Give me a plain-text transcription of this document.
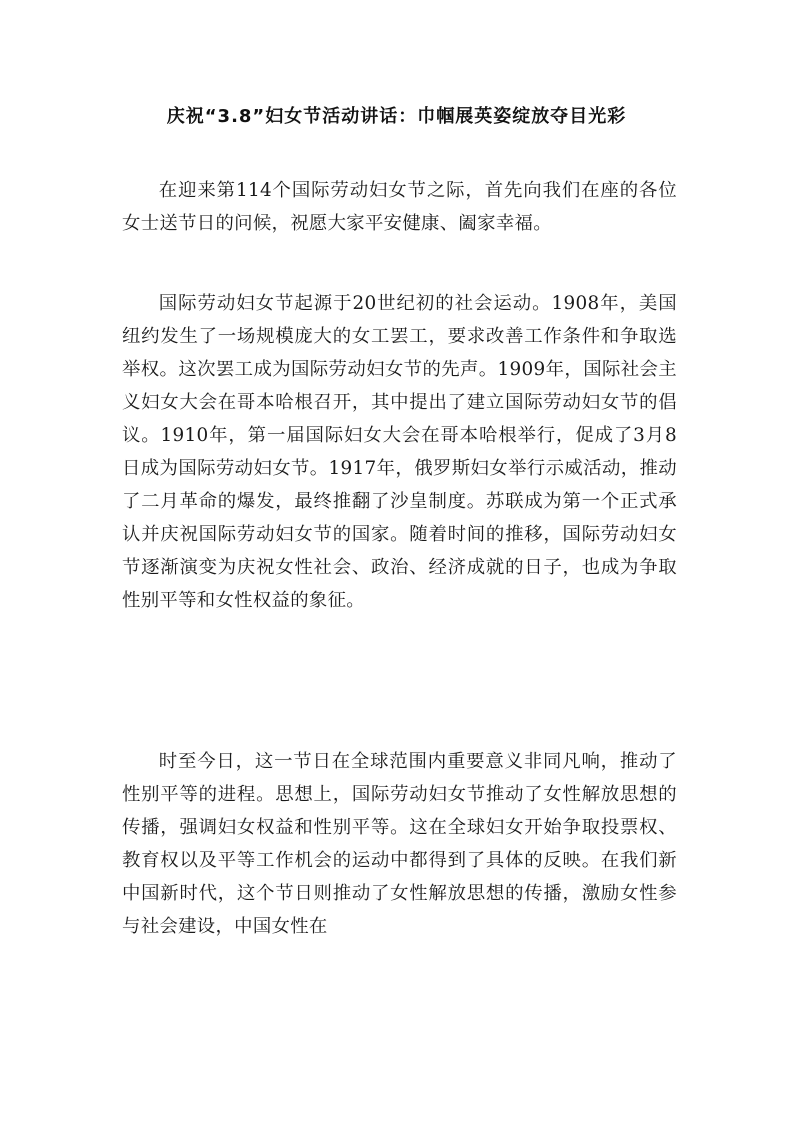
庆祝“3.8”妇女节活动讲话：巾帼展英姿绽放夺目光彩

在迎来第114个国际劳动妇女节之际，首先向我们在座的各位女士送节日的问候，祝愿大家平安健康、阖家幸福。

国际劳动妇女节起源于20世纪初的社会运动。1908年，美国纽约发生了一场规模庞大的女工罢工，要求改善工作条件和争取选举权。这次罢工成为国际劳动妇女节的先声。1909年，国际社会主义妇女大会在哥本哈根召开，其中提出了建立国际劳动妇女节的倡议。1910年，第一届国际妇女大会在哥本哈根举行，促成了3月8日成为国际劳动妇女节。1917年，俄罗斯妇女举行示威活动，推动了二月革命的爆发，最终推翻了沙皇制度。苏联成为第一个正式承认并庆祝国际劳动妇女节的国家。随着时间的推移，国际劳动妇女节逐渐演变为庆祝女性社会、政治、经济成就的日子，也成为争取性别平等和女性权益的象征。

时至今日，这一节日在全球范围内重要意义非同凡响，推动了性别平等的进程。思想上，国际劳动妇女节推动了女性解放思想的传播，强调妇女权益和性别平等。这在全球妇女开始争取投票权、教育权以及平等工作机会的运动中都得到了具体的反映。在我们新中国新时代，这个节日则推动了女性解放思想的传播，激励女性参与社会建设，中国女性在
